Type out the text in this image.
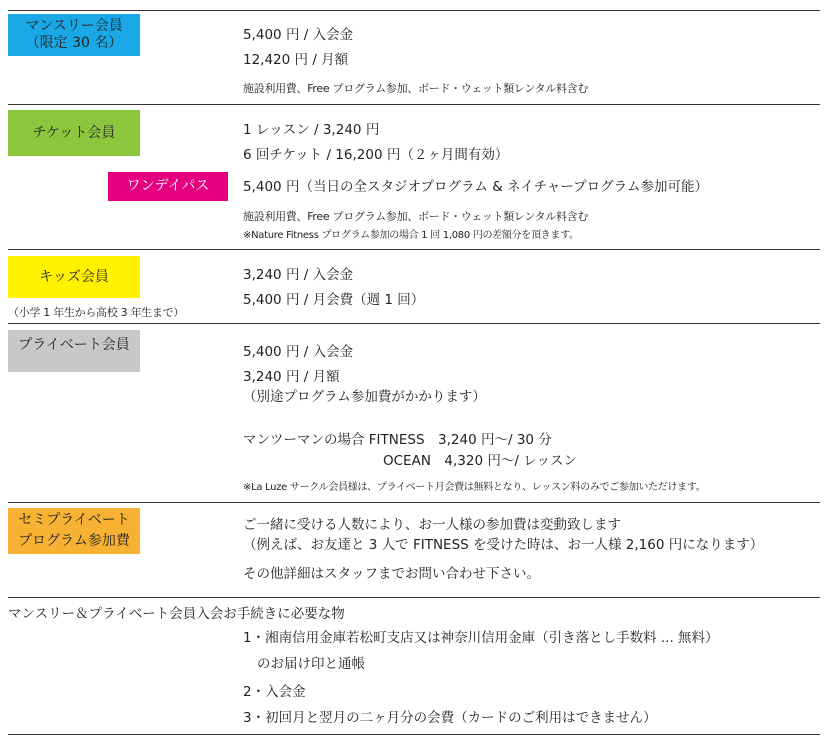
マンスリー会員
（限定 30 名）	5,400 円 / 入会金
12,420 円 / 月額
施設利用費、Free プログラム参加、ボード・ウェット類レンタル料含む
チケット会員	1 レッスン / 3,240 円
6 回チケット / 16,200 円（２ヶ月間有効）
ワンデイパス 5,400 円（当日の全スタジオプログラム & ネイチャープログラム参加可能）
施設利用費、Free プログラム参加、ボード・ウェット類レンタル料含む
※Nature Fitness プログラム参加の場合 1 回 1,080 円の差額分を頂きます。
キッズ会員
（小学 1 年生から高校 3 年生まで）
3,240 円 / 入会金
5,400 円 / 月会費（週 1 回）
プライベート会員	5,400 円 / 入会金
3,240 円 / 月額
（別途プログラム参加費がかかります）
マンツーマンの場合 FITNESS　3,240 円～/ 30 分
OCEAN　4,320 円～/ レッスン
※La Luze サークル会員様は、プライベート月会費は無料となり、レッスン料のみでご参加いただけます。
セミプライベート
プログラム参加費
ご一緒に受ける人数により、お一人様の参加費は変動致します
（例えば、お友達と 3 人で FITNESS を受けた時は、お一人様 2,160 円になります）
その他詳細はスタッフまでお問い合わせ下さい。
マンスリー＆プライベート会員入会お手続きに必要な物
1・湘南信用金庫若松町支店又は神奈川信用金庫（引き落とし手数料 ... 無料）
のお届け印と通帳
2・入会金
3・初回月と翌月の二ヶ月分の会費（カードのご利用はできません）
